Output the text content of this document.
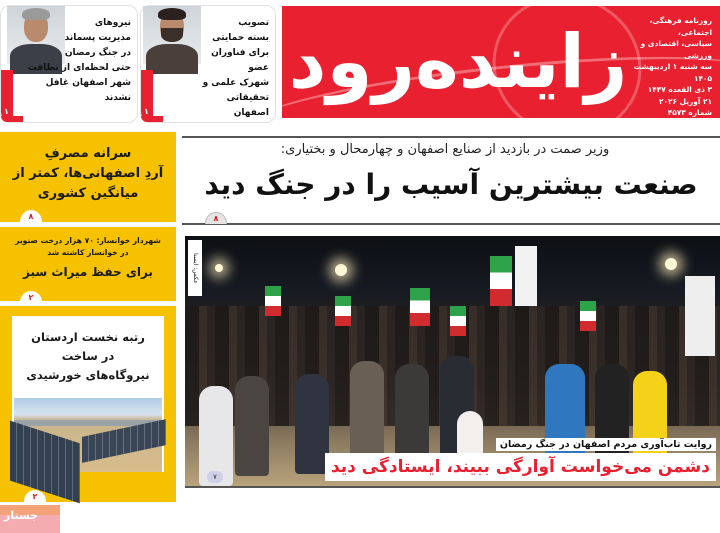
زاینده‌رود	روزنامه فرهنگی، اجتماعی،
سیاسی، اقتصادی و ورزشی
سه شنبه ۱ اردیبهشت ۱۴۰۵
۳ ذی القعده ۱۴۴۷
۲۱ آوریل ۲۰۲۶
شماره ۴۵۷۳
۸ صفحه
قیمت: ۴۰۰۰۰ ریال
تصویب
بسته حمایتی
برای فناوران عضو
شهرک علمی و تحقیقاتی
اصفهان
۱
نیروهای
مدیریت پسماند
در جنگ رمضان
حتی لحظه‌ای از نظافت
شهر اصفهان غافل نشدند
۱
سرانه مصرفِ
آردِ اصفهانی‌ها، کمتر از
میانگین کشوری
۸
شهردار خوانسار: ۷۰ هزار درخت صنوبر
در خوانسار کاشته شد
برای حفظ میراث سبز
۲
رتبه نخست اردستان
در ساخت
نیروگاه‌های خورشیدی
۲
جستار
وزیر صمت در بازدید از صنایع اصفهان و چهارمحال و بختیاری:
صنعت بیشترین آسیب را در جنگ دید
۸
عکس: ایسنا
روایت تاب‌آوری مردم اصفهان در جنگ رمضان
دشمن می‌خواست آوارگی ببیند، ایستادگی دید
۷
